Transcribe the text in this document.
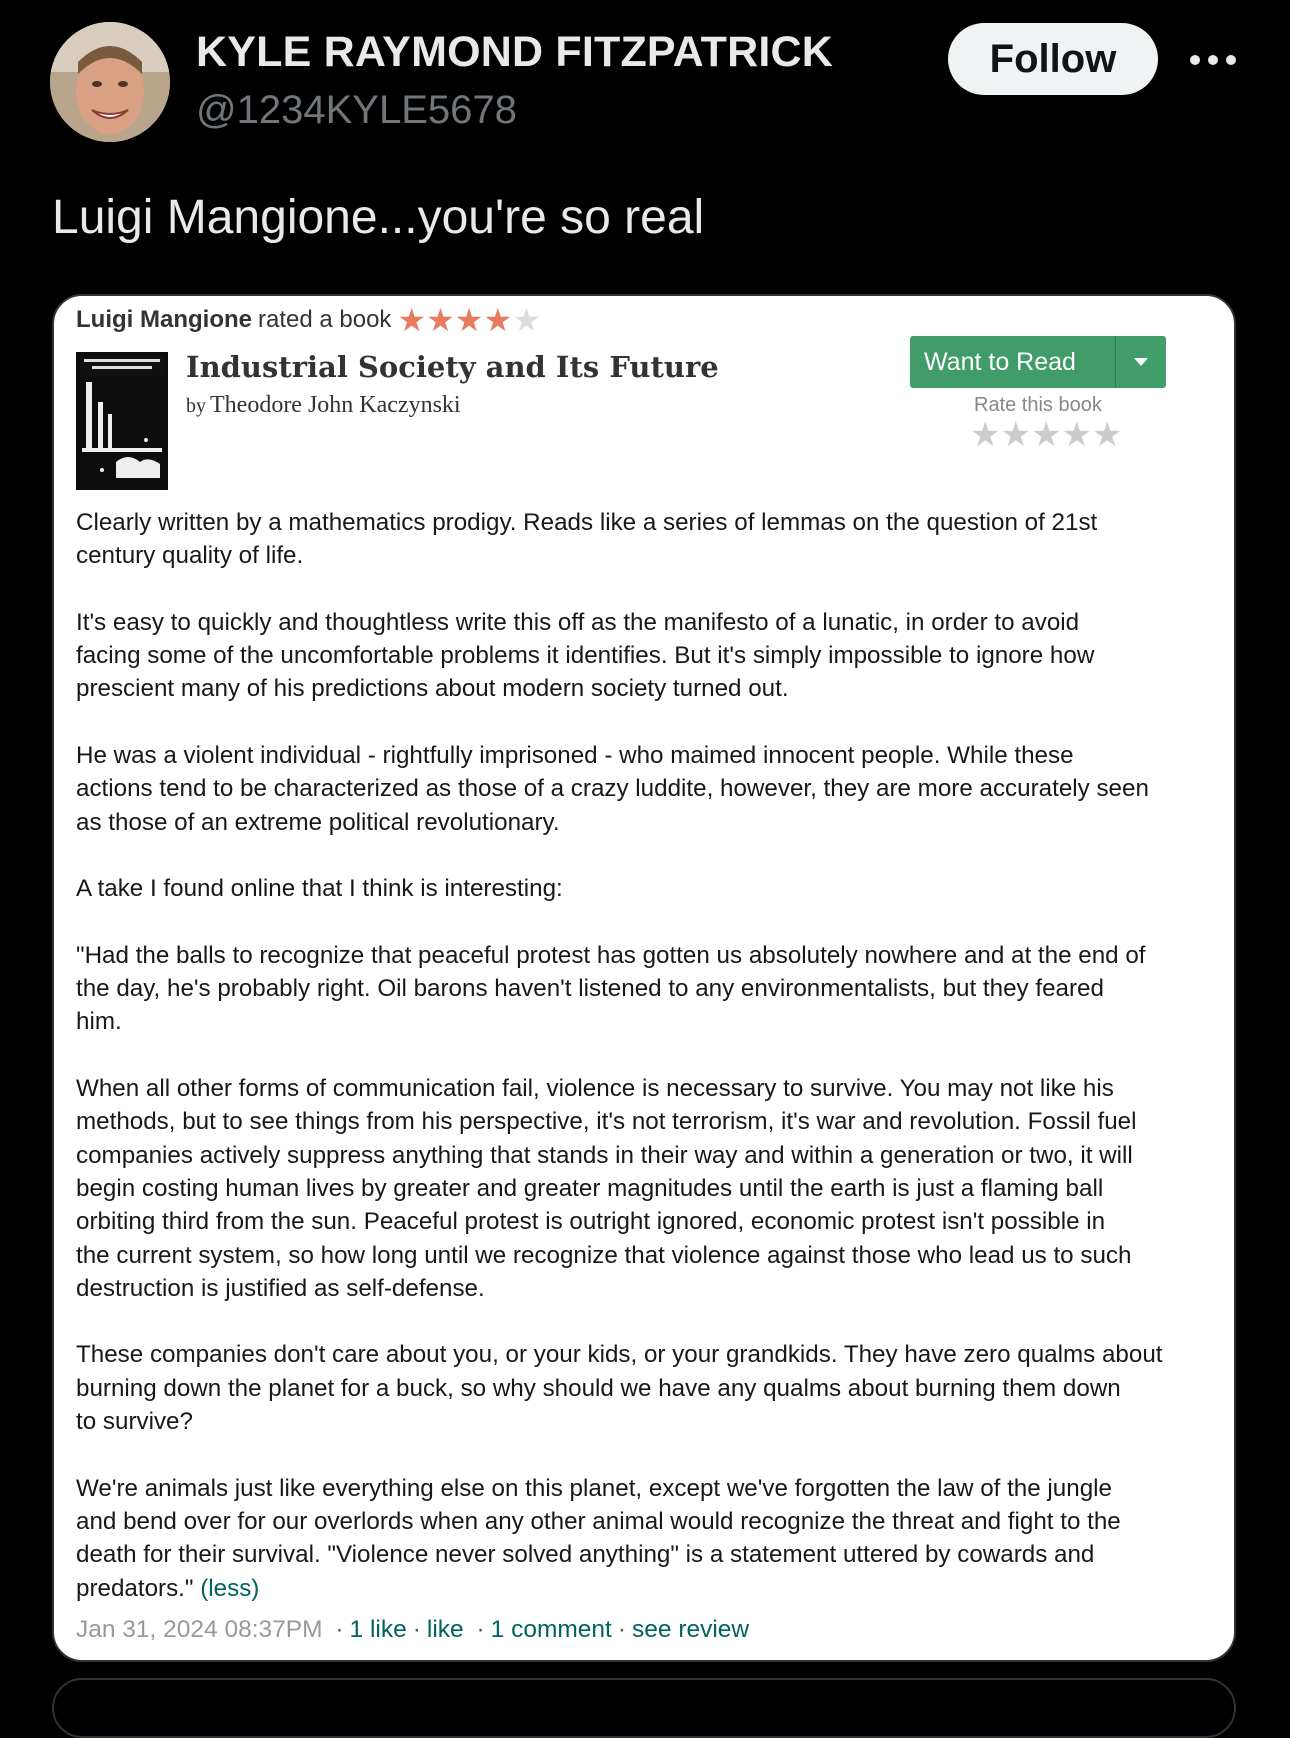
KYLE RAYMOND FITZPATRICK
@1234KYLE5678
Follow
Luigi Mangione...you're so real
Luigi Mangione rated a book ★ ★ ★ ★ ★
Industrial Society and Its Future
by Theodore John Kaczynski
Want to Read
Rate this book
★ ★ ★ ★ ★

Clearly written by a mathematics prodigy. Reads like a series of lemmas on the question of 21st
century quality of life.

It's easy to quickly and thoughtless write this off as the manifesto of a lunatic, in order to avoid
facing some of the uncomfortable problems it identifies. But it's simply impossible to ignore how
prescient many of his predictions about modern society turned out.

He was a violent individual - rightfully imprisoned - who maimed innocent people. While these
actions tend to be characterized as those of a crazy luddite, however, they are more accurately seen
as those of an extreme political revolutionary.

A take I found online that I think is interesting:

"Had the balls to recognize that peaceful protest has gotten us absolutely nowhere and at the end of
the day, he's probably right. Oil barons haven't listened to any environmentalists, but they feared
him.

When all other forms of communication fail, violence is necessary to survive. You may not like his
methods, but to see things from his perspective, it's not terrorism, it's war and revolution. Fossil fuel
companies actively suppress anything that stands in their way and within a generation or two, it will
begin costing human lives by greater and greater magnitudes until the earth is just a flaming ball
orbiting third from the sun. Peaceful protest is outright ignored, economic protest isn't possible in
the current system, so how long until we recognize that violence against those who lead us to such
destruction is justified as self-defense.

These companies don't care about you, or your kids, or your grandkids. They have zero qualms about
burning down the planet for a buck, so why should we have any qualms about burning them down
to survive?

We're animals just like everything else on this planet, except we've forgotten the law of the jungle
and bend over for our overlords when any other animal would recognize the threat and fight to the
death for their survival. "Violence never solved anything" is a statement uttered by cowards and
predators." (less)

Jan 31, 2024 08:37PM · 1 like · like · 1 comment · see review
